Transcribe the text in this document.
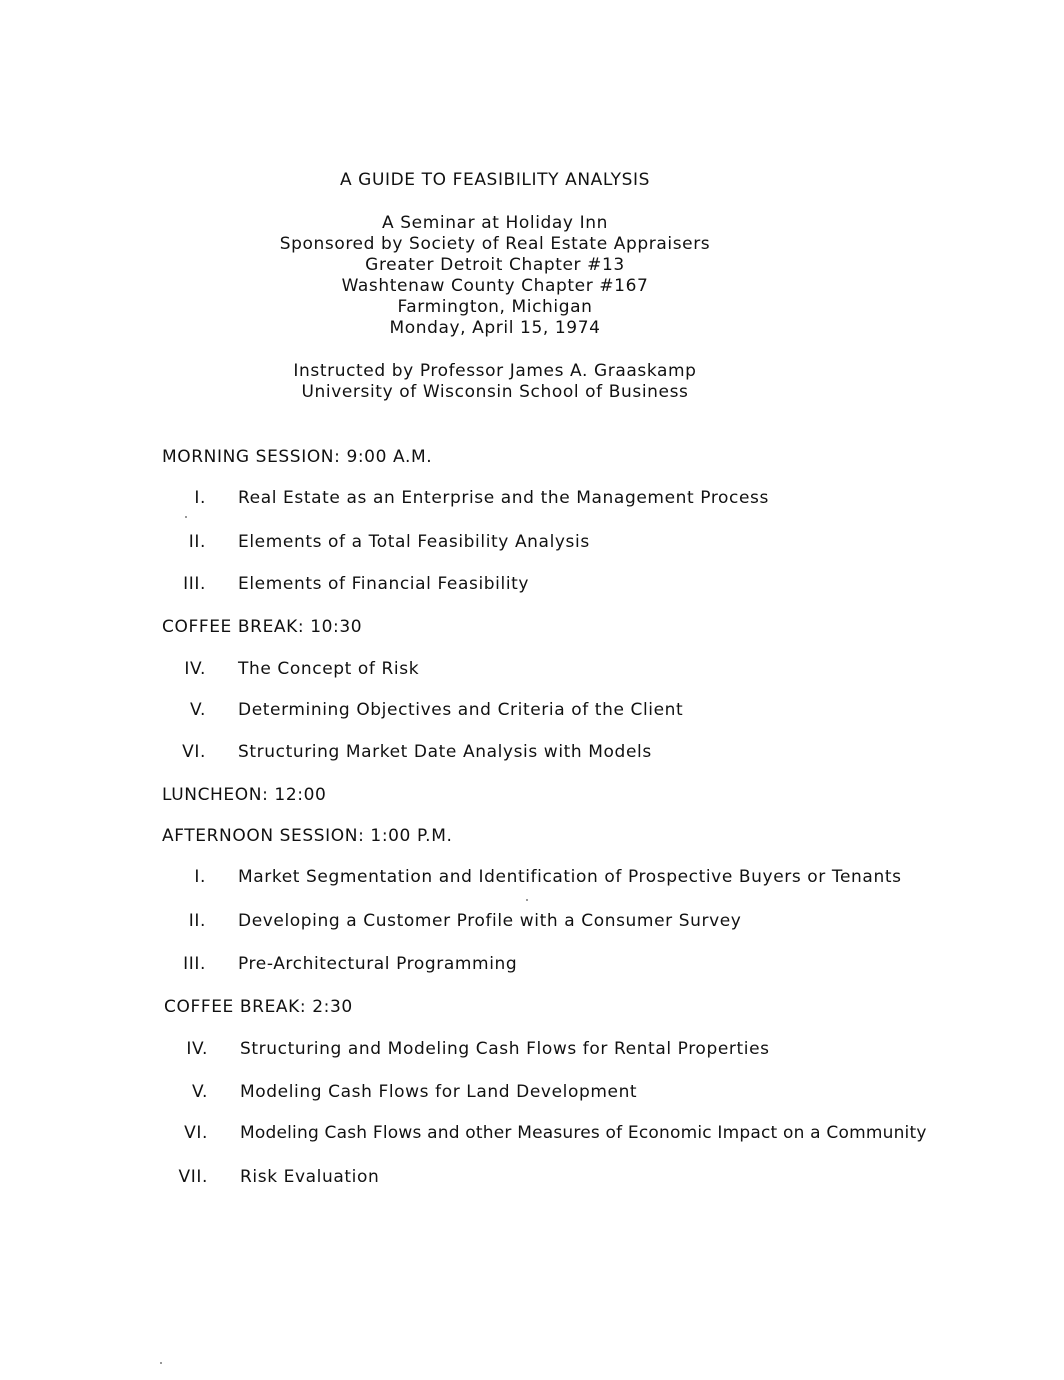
A GUIDE TO FEASIBILITY ANALYSIS
A Seminar at Holiday Inn
Sponsored by Society of Real Estate Appraisers
Greater Detroit Chapter #13
Washtenaw County Chapter #167
Farmington, Michigan
Monday, April 15, 1974
Instructed by Professor James A. Graaskamp
University of Wisconsin School of Business
MORNING SESSION: 9:00 A.M.
I. Real Estate as an Enterprise and the Management Process
II. Elements of a Total Feasibility Analysis
III. Elements of Financial Feasibility
COFFEE BREAK: 10:30
IV. The Concept of Risk
V. Determining Objectives and Criteria of the Client
VI. Structuring Market Date Analysis with Models
LUNCHEON: 12:00
AFTERNOON SESSION: 1:00 P.M.
I. Market Segmentation and Identification of Prospective Buyers or Tenants
II. Developing a Customer Profile with a Consumer Survey
III. Pre-Architectural Programming
COFFEE BREAK: 2:30
IV. Structuring and Modeling Cash Flows for Rental Properties
V. Modeling Cash Flows for Land Development
VI. Modeling Cash Flows and other Measures of Economic Impact on a Community
VII. Risk Evaluation
